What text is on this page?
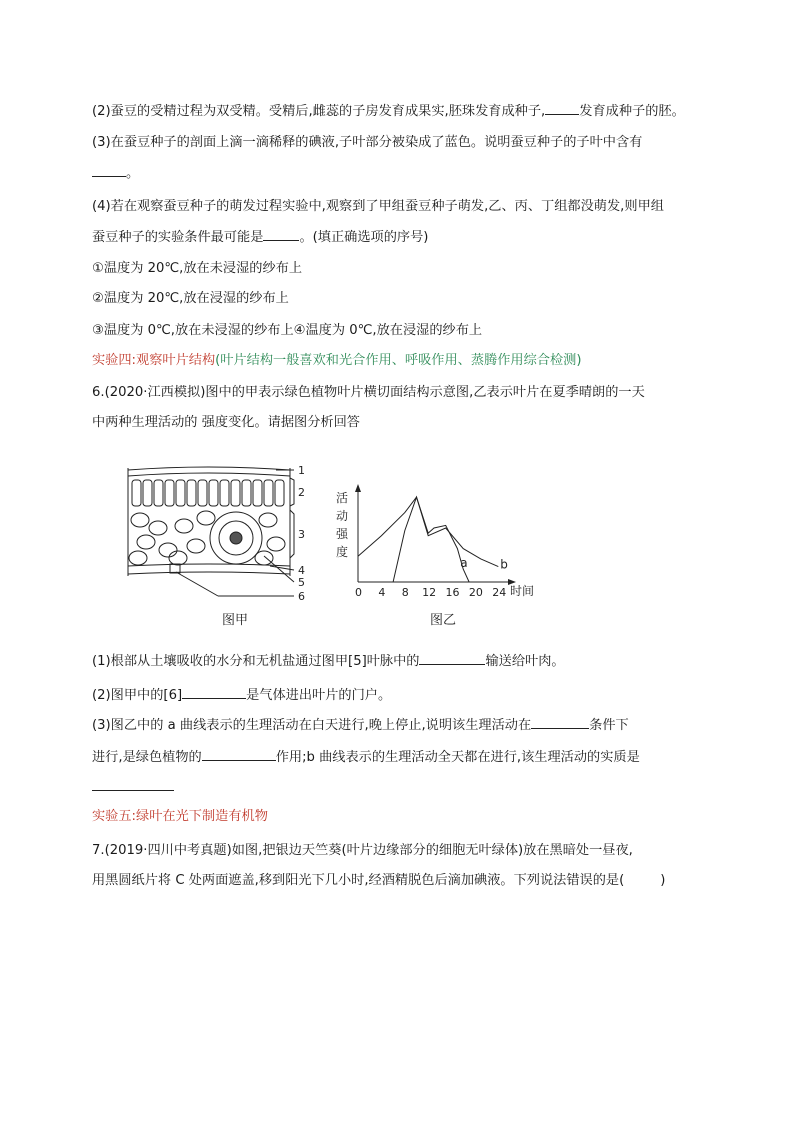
(2)蚕豆的受精过程为双受精。受精后,雌蕊的子房发育成果实,胚珠发育成种子,	发育成种子的胚。
(3)在蚕豆种子的剖面上滴一滴稀释的碘液,子叶部分被染成了蓝色。说明蚕豆种子的子叶中含有
。
(4)若在观察蚕豆种子的萌发过程实验中,观察到了甲组蚕豆种子萌发,乙、丙、丁组都没萌发,则甲组
蚕豆种子的实验条件最可能是	。(填正确选项的序号)
①温度为 20℃,放在未浸湿的纱布上
②温度为 20℃,放在浸湿的纱布上
③温度为 0℃,放在未浸湿的纱布上④温度为 0℃,放在浸湿的纱布上
实验四:观察叶片结构(叶片结构一般喜欢和光合作用、呼吸作用、蒸腾作用综合检测)
6.(2020·江西模拟)图中的甲表示绿色植物叶片横切面结构示意图,乙表示叶片在夏季晴朗的一天
中两种生理活动的 强度变化。请据图分析回答
1
2
3
4
5
6
图甲
活
动
强
度
0 4 8 12 16 20 24 时间
a	b
图乙
(1)根部从土壤吸收的水分和无机盐通过图甲[5]叶脉中的	输送给叶肉。
(2)图甲中的[6]	是气体进出叶片的门户。
(3)图乙中的 a 曲线表示的生理活动在白天进行,晚上停止,说明该生理活动在	条件下
进行,是绿色植物的	作用;b 曲线表示的生理活动全天都在进行,该生理活动的实质是
实验五:绿叶在光下制造有机物
7.(2019·四川中考真题)如图,把银边天竺葵(叶片边缘部分的细胞无叶绿体)放在黑暗处一昼夜,
用黑圆纸片将 C 处两面遮盖,移到阳光下几小时,经酒精脱色后滴加碘液。下列说法错误的是(	)
